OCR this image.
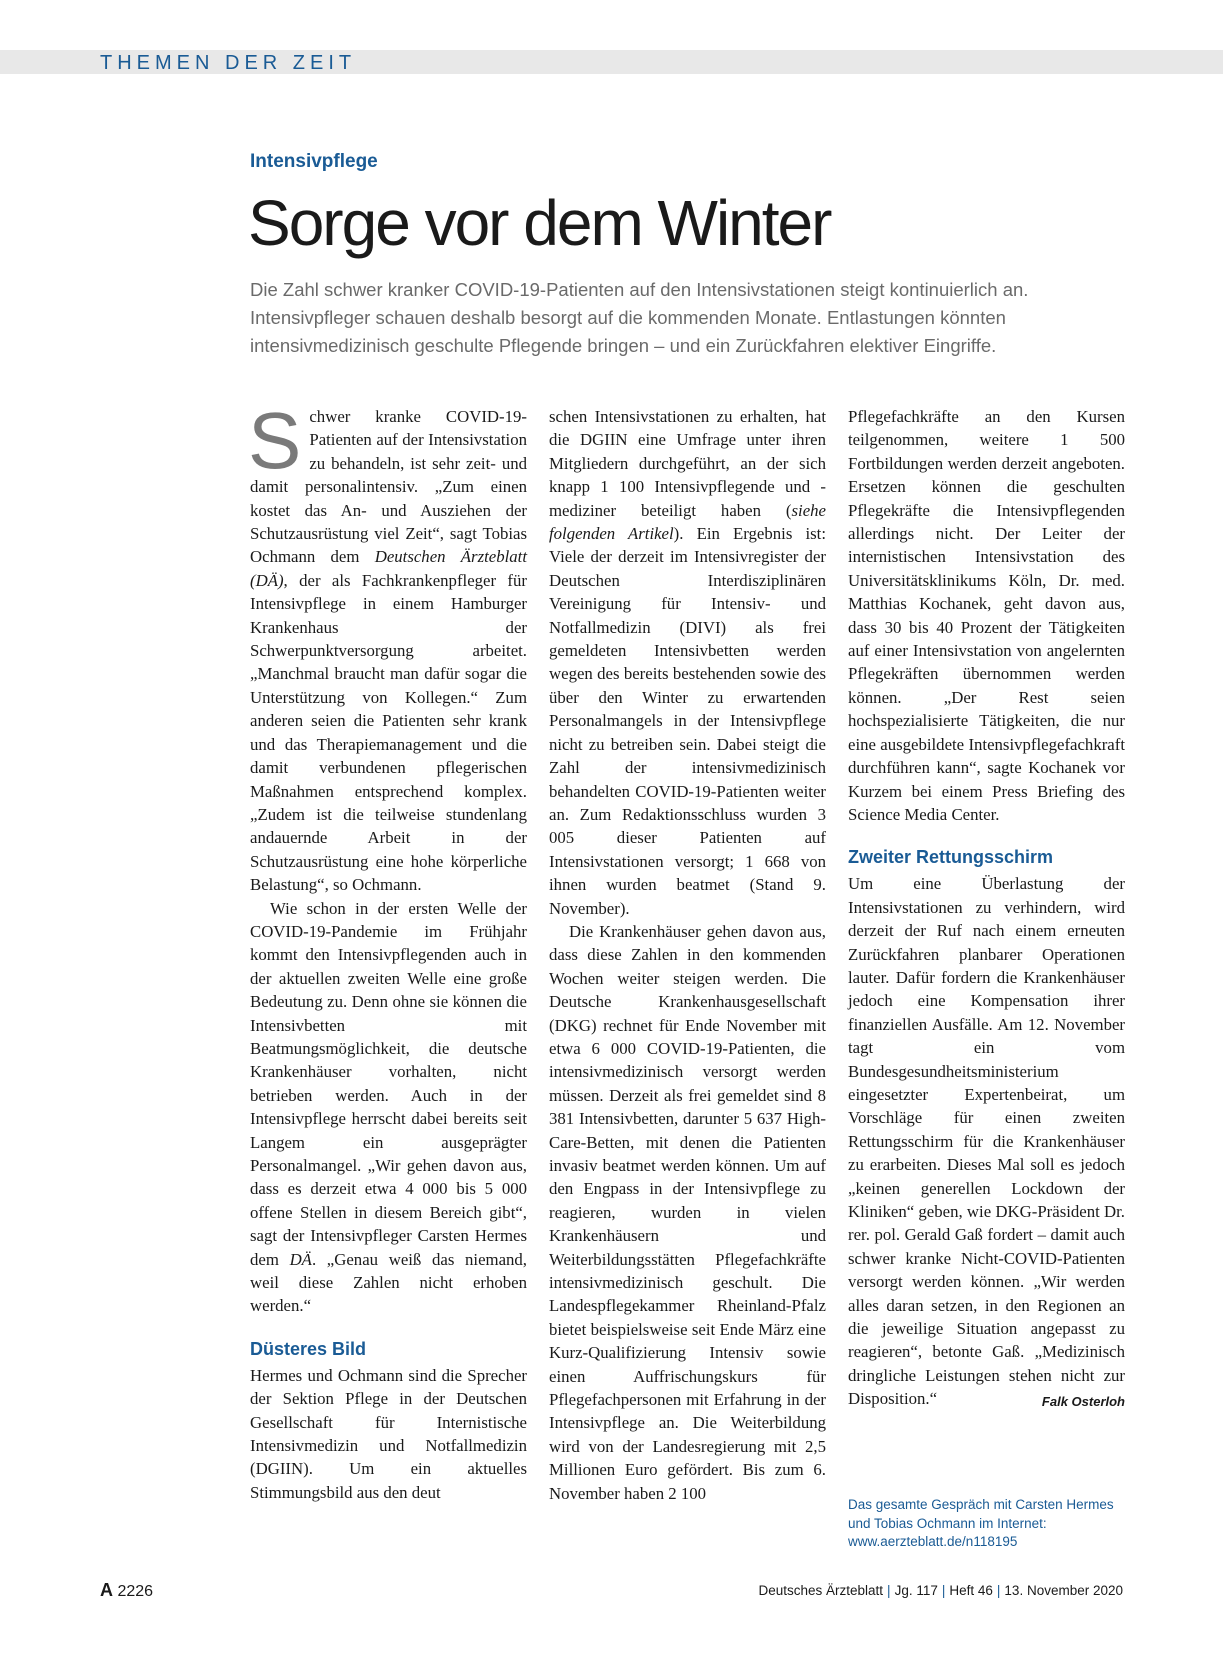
THEMEN DER ZEIT
Intensivpflege
Sorge vor dem Winter

Die Zahl schwer kranker COVID-19-Patienten auf den Intensivstationen steigt kontinuierlich an. Intensivpfleger schauen deshalb besorgt auf die kommenden Monate. Entlastungen könnten intensivmedizinisch geschulte Pflegende bringen – und ein Zurückfahren elektiver Eingriffe.

Schwer kranke COVID-19-Patienten auf der Intensivstation zu behandeln, ist sehr zeit- und damit personalintensiv. „Zum einen kostet das An- und Ausziehen der Schutzausrüstung viel Zeit“, sagt Tobias Ochmann dem Deutschen Ärzteblatt (DÄ), der als Fachkrankenpfleger für Intensivpflege in einem Hamburger Krankenhaus der Schwerpunktversorgung arbeitet. „Manchmal braucht man dafür sogar die Unterstützung von Kollegen.“ Zum anderen seien die Patienten sehr krank und das Therapiemanagement und die damit verbundenen pflegerischen Maßnahmen entsprechend komplex. „Zudem ist die teilweise stundenlang andauernde Arbeit in der Schutzausrüstung eine hohe körperliche Belastung“, so Ochmann.

Wie schon in der ersten Welle der COVID-19-Pandemie im Frühjahr kommt den Intensivpflegenden auch in der aktuellen zweiten Welle eine große Bedeutung zu. Denn ohne sie können die Intensivbetten mit Beatmungsmöglichkeit, die deutsche Krankenhäuser vorhalten, nicht betrieben werden. Auch in der Intensivpflege herrscht dabei bereits seit Langem ein ausgeprägter Personalmangel. „Wir gehen davon aus, dass es derzeit etwa 4 000 bis 5 000 offene Stellen in diesem Bereich gibt“, sagt der Intensivpfleger Carsten Hermes dem DÄ. „Genau weiß das niemand, weil diese Zahlen nicht erhoben werden.“

Düsteres Bild

Hermes und Ochmann sind die Sprecher der Sektion Pflege in der Deutschen Gesellschaft für Internistische Intensivmedizin und Notfallmedizin (DGIIN). Um ein aktuelles Stimmungsbild aus den deut

schen Intensivstationen zu erhalten, hat die DGIIN eine Umfrage unter ihren Mitgliedern durchgeführt, an der sich knapp 1 100 Intensivpflegende und -mediziner beteiligt haben (siehe folgenden Artikel). Ein Ergebnis ist: Viele der derzeit im Intensivregister der Deutschen Interdisziplinären Vereinigung für Intensiv- und Notfallmedizin (DIVI) als frei gemeldeten Intensivbetten werden wegen des bereits bestehenden sowie des über den Winter zu erwartenden Personalmangels in der Intensivpflege nicht zu betreiben sein. Dabei steigt die Zahl der intensivmedizinisch behandelten COVID-19-Patienten weiter an. Zum Redaktionsschluss wurden 3 005 dieser Patienten auf Intensivstationen versorgt; 1 668 von ihnen wurden beatmet (Stand 9. November).

Die Krankenhäuser gehen davon aus, dass diese Zahlen in den kommenden Wochen weiter steigen werden. Die Deutsche Krankenhausgesellschaft (DKG) rechnet für Ende November mit etwa 6 000 COVID-19-Patienten, die intensivmedizinisch versorgt werden müssen. Derzeit als frei gemeldet sind 8 381 Intensivbetten, darunter 5 637 High-Care-Betten, mit denen die Patienten invasiv beatmet werden können. Um auf den Engpass in der Intensivpflege zu reagieren, wurden in vielen Krankenhäusern und Weiterbildungsstätten Pflegefachkräfte intensivmedizinisch geschult. Die Landespflegekammer Rheinland-Pfalz bietet beispielsweise seit Ende März eine Kurz-Qualifizierung Intensiv sowie einen Auffrischungskurs für Pflegefachpersonen mit Erfahrung in der Intensivpflege an. Die Weiterbildung wird von der Landesregierung mit 2,5 Millionen Euro gefördert. Bis zum 6. November haben 2 100

Pflegefachkräfte an den Kursen teilgenommen, weitere 1 500 Fortbildungen werden derzeit angeboten. Ersetzen können die geschulten Pflegekräfte die Intensivpflegenden allerdings nicht. Der Leiter der internistischen Intensivstation des Universitätsklinikums Köln, Dr. med. Matthias Kochanek, geht davon aus, dass 30 bis 40 Prozent der Tätigkeiten auf einer Intensivstation von angelernten Pflegekräften übernommen werden können. „Der Rest seien hochspezialisierte Tätigkeiten, die nur eine ausgebildete Intensivpflegefachkraft durchführen kann“, sagte Kochanek vor Kurzem bei einem Press Briefing des Science Media Center.

Zweiter Rettungsschirm

Um eine Überlastung der Intensivstationen zu verhindern, wird derzeit der Ruf nach einem erneuten Zurückfahren planbarer Operationen lauter. Dafür fordern die Krankenhäuser jedoch eine Kompensation ihrer finanziellen Ausfälle. Am 12. November tagt ein vom Bundesgesundheitsministerium eingesetzter Expertenbeirat, um Vorschläge für einen zweiten Rettungsschirm für die Krankenhäuser zu erarbeiten. Dieses Mal soll es jedoch „keinen generellen Lockdown der Kliniken“ geben, wie DKG-Präsident Dr. rer. pol. Gerald Gaß fordert – damit auch schwer kranke Nicht-COVID-Patienten versorgt werden können. „Wir werden alles daran setzen, in den Regionen an die jeweilige Situation angepasst zu reagieren“, betonte Gaß. „Medizinisch dringliche Leistungen stehen nicht zur Disposition.“	Falk Osterloh

Das gesamte Gespräch mit Carsten Hermes
und Tobias Ochmann im Internet:
www.aerzteblatt.de/n118195
A 2226	Deutsches Ärzteblatt | Jg. 117 | Heft 46 | 13. November 2020
